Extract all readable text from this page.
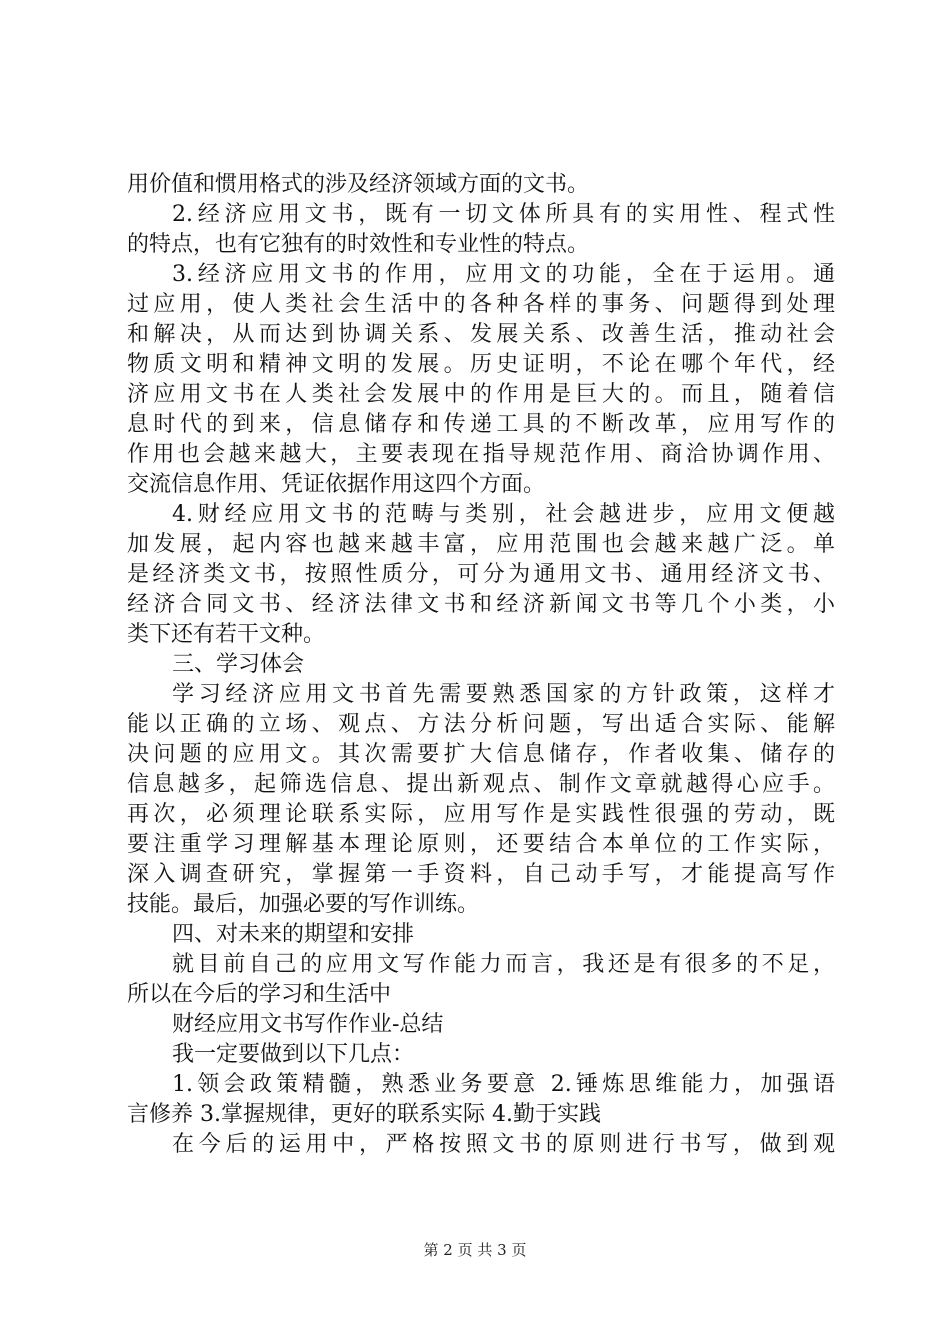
用价值和惯用格式的涉及经济领域方面的文书。
2.经济应用文书，既有一切文体所具有的实用性、程式性
的特点，也有它独有的时效性和专业性的特点。
3.经济应用文书的作用，应用文的功能，全在于运用。通
过应用，使人类社会生活中的各种各样的事务、问题得到处理
和解决，从而达到协调关系、发展关系、改善生活，推动社会
物质文明和精神文明的发展。历史证明，不论在哪个年代，经
济应用文书在人类社会发展中的作用是巨大的。而且，随着信
息时代的到来，信息储存和传递工具的不断改革，应用写作的
作用也会越来越大，主要表现在指导规范作用、商洽协调作用、
交流信息作用、凭证依据作用这四个方面。
4.财经应用文书的范畴与类别，社会越进步，应用文便越
加发展，起内容也越来越丰富，应用范围也会越来越广泛。单
是经济类文书，按照性质分，可分为通用文书、通用经济文书、
经济合同文书、经济法律文书和经济新闻文书等几个小类，小
类下还有若干文种。
三、学习体会
学习经济应用文书首先需要熟悉国家的方针政策，这样才
能以正确的立场、观点、方法分析问题，写出适合实际、能解
决问题的应用文。其次需要扩大信息储存，作者收集、储存的
信息越多，起筛选信息、提出新观点、制作文章就越得心应手。
再次，必须理论联系实际，应用写作是实践性很强的劳动，既
要注重学习理解基本理论原则，还要结合本单位的工作实际，
深入调查研究，掌握第一手资料，自己动手写，才能提高写作
技能。最后，加强必要的写作训练。
四、对未来的期望和安排
就目前自己的应用文写作能力而言，我还是有很多的不足，
所以在今后的学习和生活中
财经应用文书写作作业-总结
我一定要做到以下几点：
1.领会政策精髓，熟悉业务要意 2.锤炼思维能力，加强语
言修养 3.掌握规律，更好的联系实际 4.勤于实践
在今后的运用中，严格按照文书的原则进行书写，做到观
第 2 页 共 3 页
